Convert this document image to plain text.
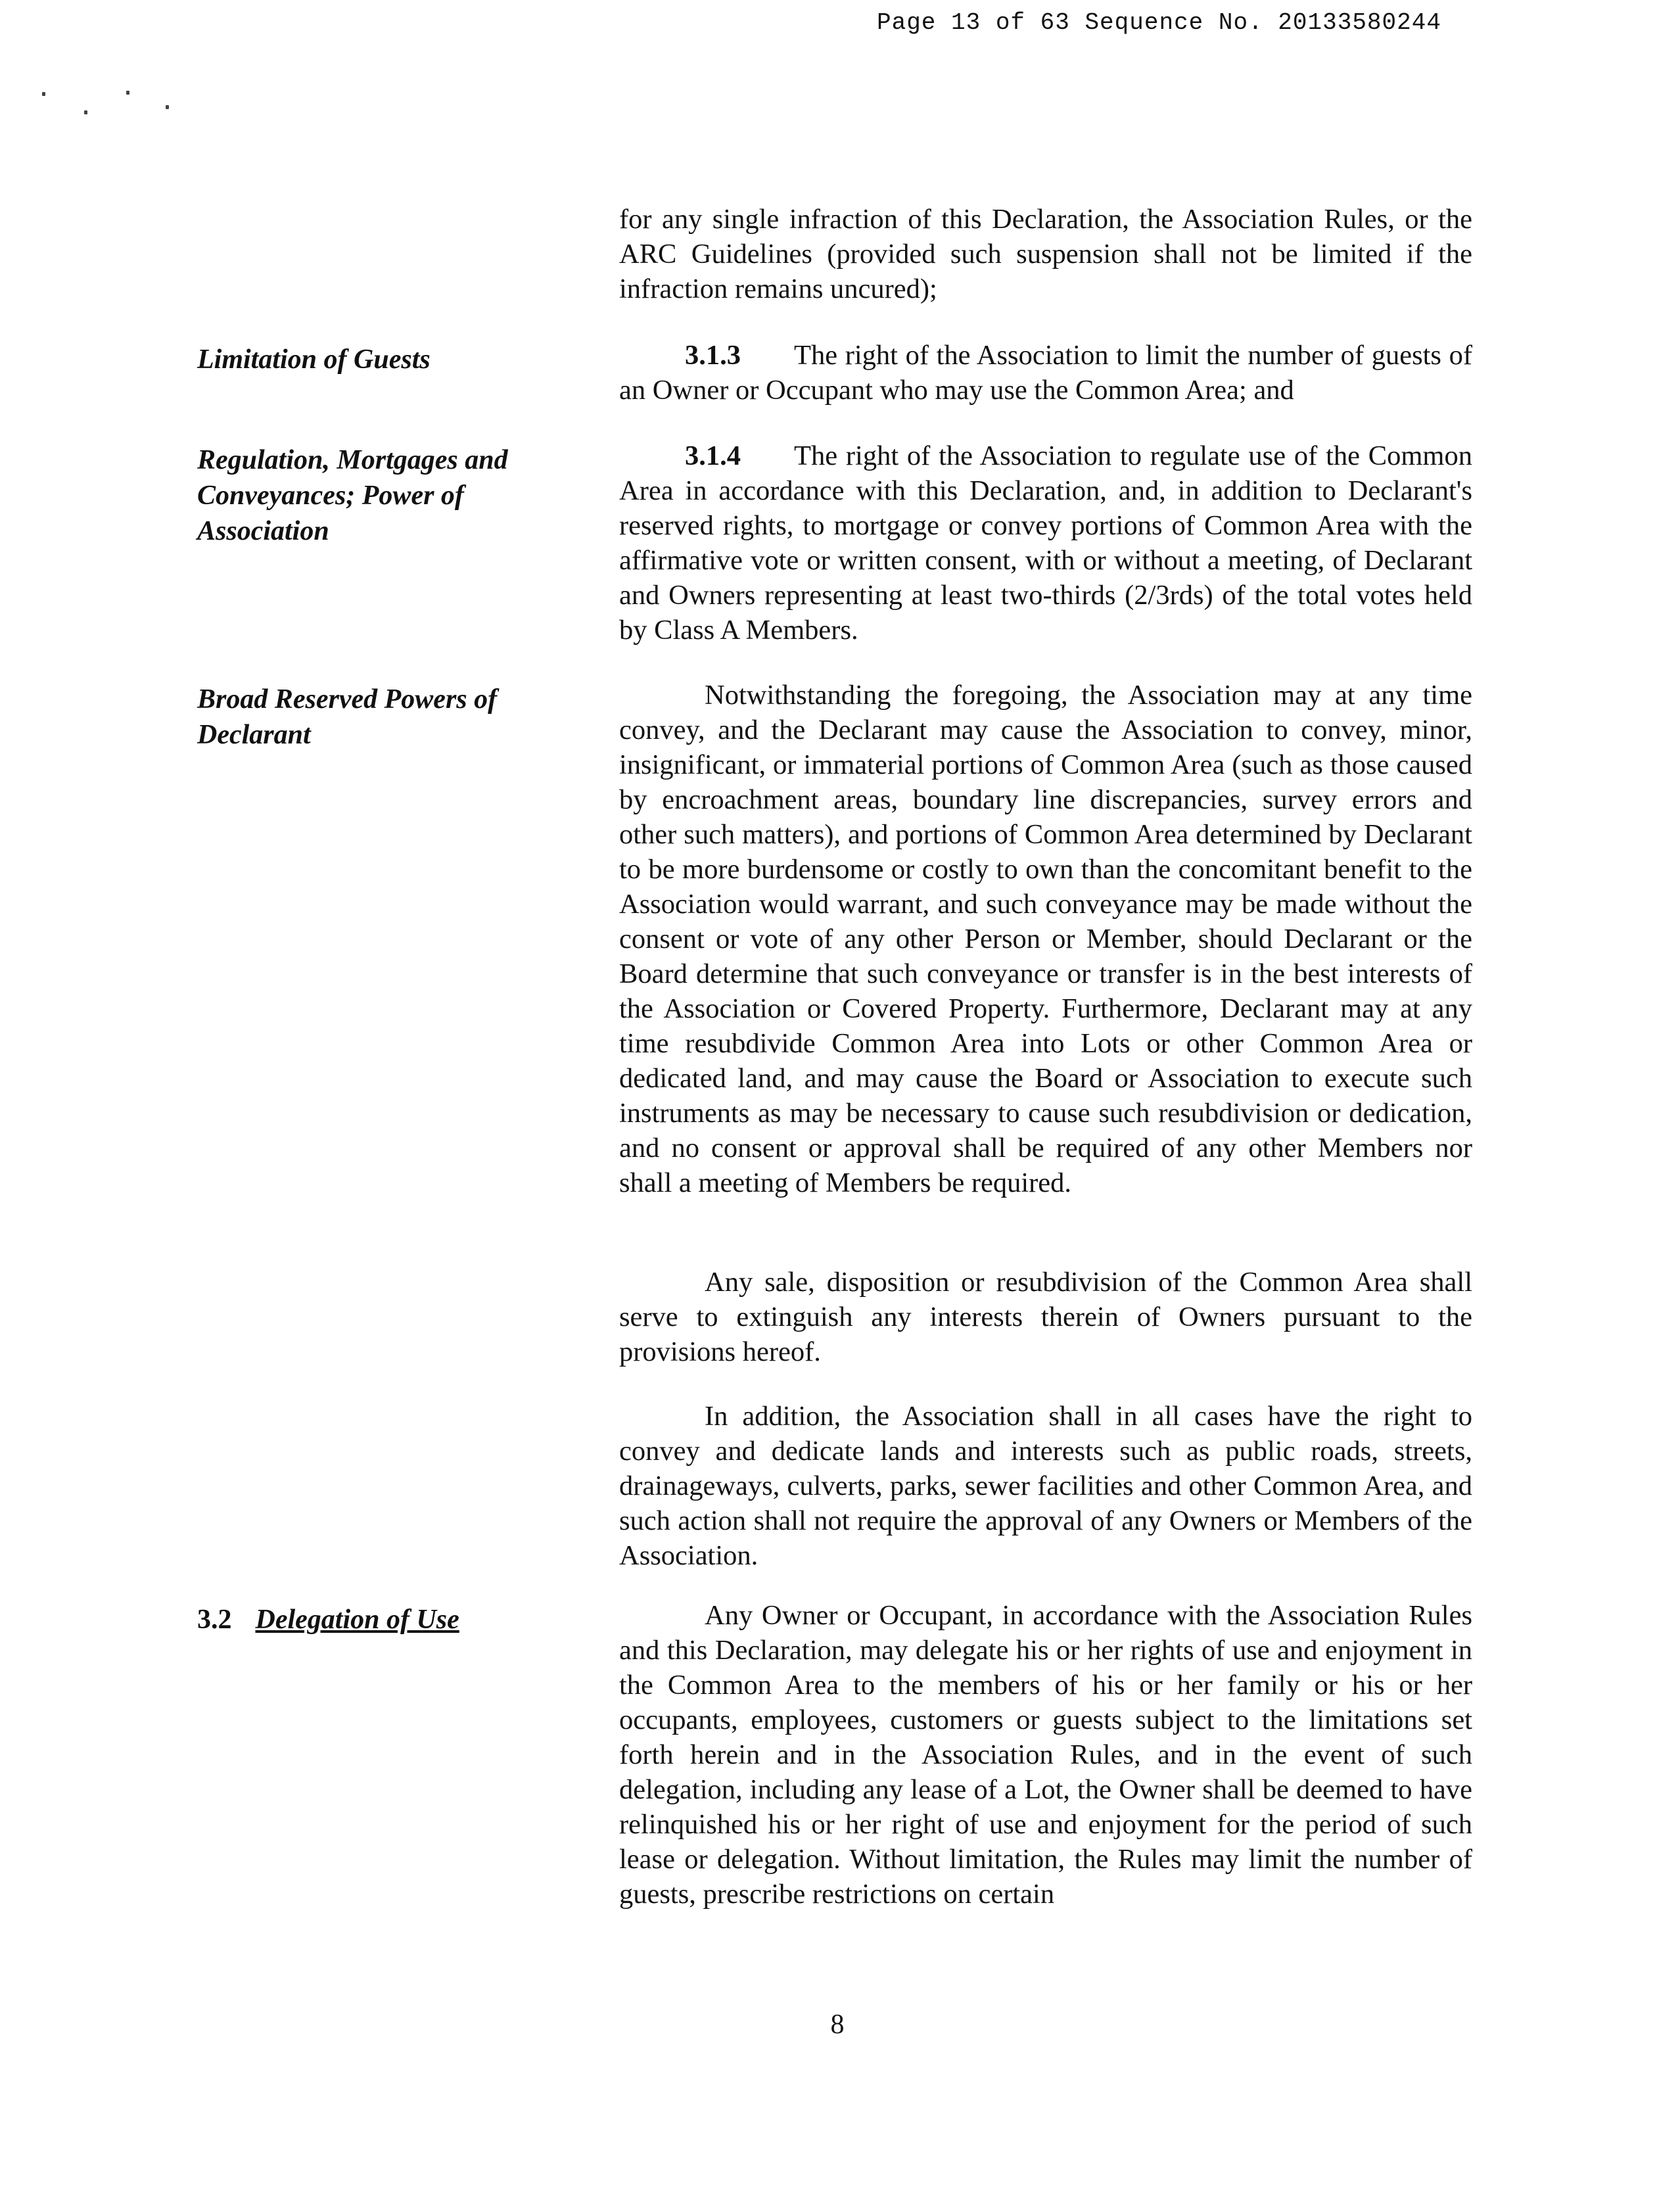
Page 13 of 63 Sequence No. 20133580244
Limitation of Guests
Regulation, Mortgages and
Conveyances; Power of
Association
Broad Reserved Powers of
Declarant
3.2 Delegation of Use

for any single infraction of this Declaration, the Association Rules, or the ARC Guidelines (provided such suspension shall not be limited if the infraction remains uncured);

3.1.3 The right of the Association to limit the number of guests of an Owner or Occupant who may use the Common Area; and

3.1.4 The right of the Association to regulate use of the Common Area in accordance with this Declaration, and, in addition to Declarant's reserved rights, to mortgage or convey portions of Common Area with the affirmative vote or written consent, with or without a meeting, of Declarant and Owners representing at least two-thirds (2/3rds) of the total votes held by Class A Members.

Notwithstanding the foregoing, the Association may at any time convey, and the Declarant may cause the Association to convey, minor, insignificant, or immaterial portions of Common Area (such as those caused by encroachment areas, boundary line discrepancies, survey errors and other such matters), and portions of Common Area determined by Declarant to be more burdensome or costly to own than the concomitant benefit to the Association would warrant, and such conveyance may be made without the consent or vote of any other Person or Member, should Declarant or the Board determine that such conveyance or transfer is in the best interests of the Association or Covered Property. Furthermore, Declarant may at any time resubdivide Common Area into Lots or other Common Area or dedicated land, and may cause the Board or Association to execute such instruments as may be necessary to cause such resubdivision or dedication, and no consent or approval shall be required of any other Members nor shall a meeting of Members be required.

Any sale, disposition or resubdivision of the Common Area shall serve to extinguish any interests therein of Owners pursuant to the provisions hereof.

In addition, the Association shall in all cases have the right to convey and dedicate lands and interests such as public roads, streets, drainageways, culverts, parks, sewer facilities and other Common Area, and such action shall not require the approval of any Owners or Members of the Association.

Any Owner or Occupant, in accordance with the Association Rules and this Declaration, may delegate his or her rights of use and enjoyment in the Common Area to the members of his or her family or his or her occupants, employees, customers or guests subject to the limitations set forth herein and in the Association Rules, and in the event of such delegation, including any lease of a Lot, the Owner shall be deemed to have relinquished his or her right of use and enjoyment for the period of such lease or delegation. Without limitation, the Rules may limit the number of guests, prescribe restrictions on certain

8
